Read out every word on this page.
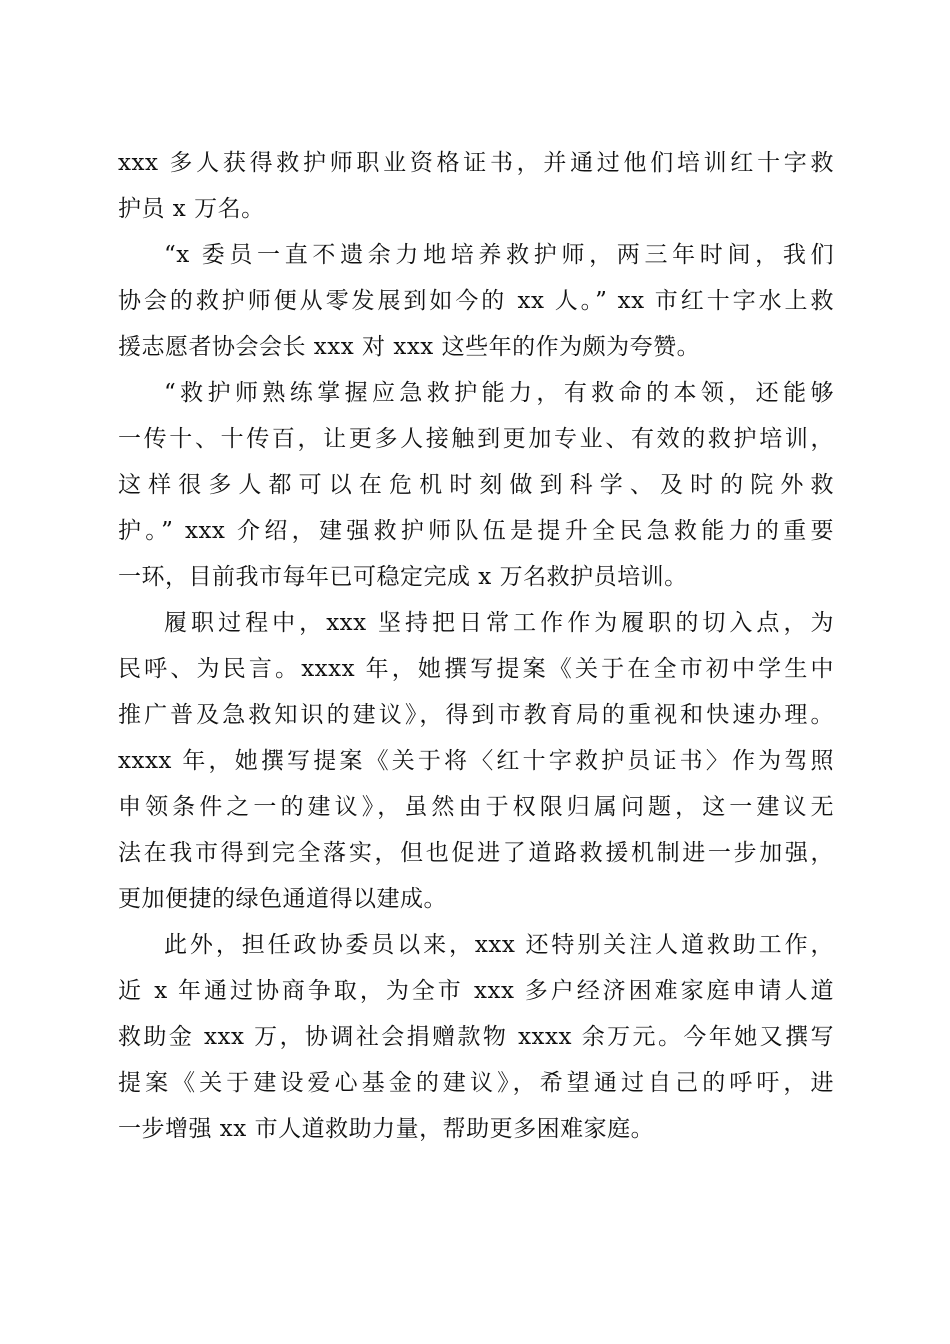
xxx 多人获得救护师职业资格证书，并通过他们培训红十字救
护员 x 万名。
“x 委员一直不遗余力地培养救护师，两三年时间，我们
协会的救护师便从零发展到如今的 xx 人。” xx 市红十字水上救
援志愿者协会会长 xxx 对 xxx 这些年的作为颇为夸赞。
“救护师熟练掌握应急救护能力，有救命的本领，还能够
一传十、十传百，让更多人接触到更加专业、有效的救护培训，
这样很多人都可以在危机时刻做到科学、及时的院外救
护。” xxx 介绍，建强救护师队伍是提升全民急救能力的重要
一环，目前我市每年已可稳定完成 x 万名救护员培训。
履职过程中，xxx 坚持把日常工作作为履职的切入点，为
民呼、为民言。xxxx 年，她撰写提案《关于在全市初中学生中
推广普及急救知识的建议》，得到市教育局的重视和快速办理。
xxxx 年，她撰写提案《关于将〈红十字救护员证书〉作为驾照
申领条件之一的建议》，虽然由于权限归属问题，这一建议无
法在我市得到完全落实，但也促进了道路救援机制进一步加强，
更加便捷的绿色通道得以建成。
此外，担任政协委员以来，xxx 还特别关注人道救助工作，
近 x 年通过协商争取，为全市 xxx 多户经济困难家庭申请人道
救助金 xxx 万，协调社会捐赠款物 xxxx 余万元。今年她又撰写
提案《关于建设爱心基金的建议》，希望通过自己的呼吁，进
一步增强 xx 市人道救助力量，帮助更多困难家庭。
